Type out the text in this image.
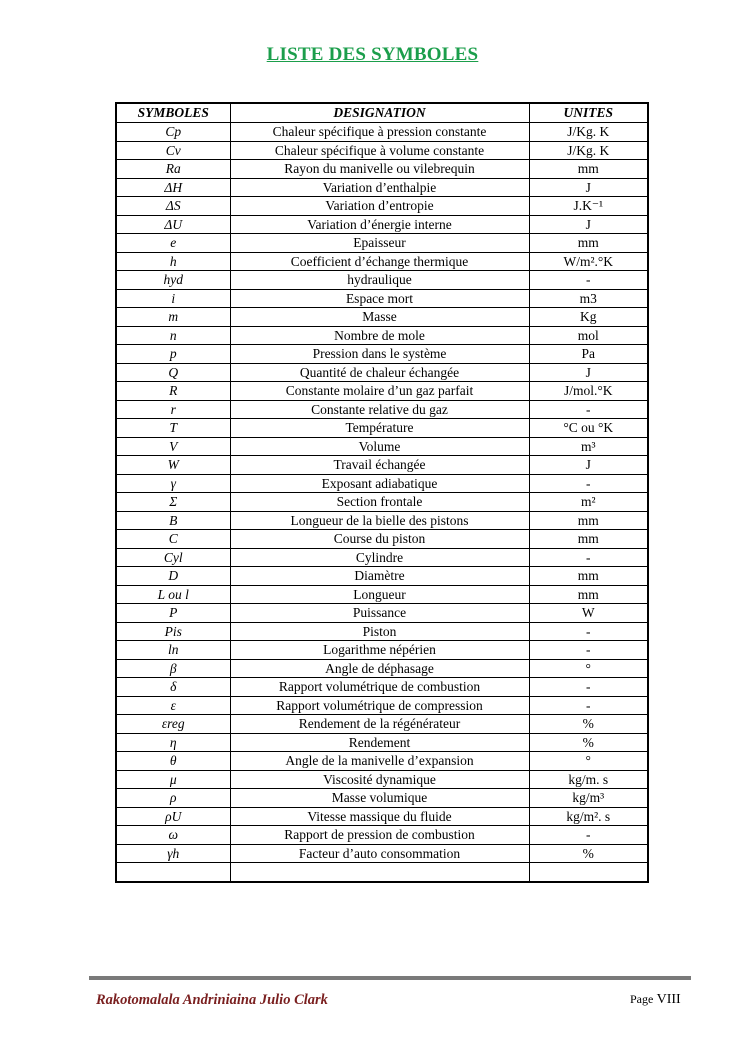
LISTE DES SYMBOLES
SYMBOLES	DESIGNATION	UNITES
Cp	Chaleur spécifique à pression constante	J/Kg. K
Cv	Chaleur spécifique à volume constante	J/Kg. K
Ra	Rayon du manivelle ou vilebrequin	mm
ΔH	Variation d’enthalpie	J
ΔS	Variation d’entropie	J.K⁻¹
ΔU	Variation d’énergie interne	J
e	Epaisseur	mm
h	Coefficient d’échange thermique	W/m².°K
hyd	hydraulique	-
i	Espace mort	m3
m	Masse	Kg
n	Nombre de mole	mol
p	Pression dans le système	Pa
Q	Quantité de chaleur échangée	J
R	Constante molaire d’un gaz parfait	J/mol.°K
r	Constante relative du gaz	-
T	Température	°C ou °K
V	Volume	m³
W	Travail échangée	J
γ	Exposant adiabatique	-
Σ	Section frontale	m²
B	Longueur de la bielle des pistons	mm
C	Course du piston	mm
Cyl	Cylindre	-
D	Diamètre	mm
L ou l	Longueur	mm
P	Puissance	W
Pis	Piston	-
ln	Logarithme népérien	-
β	Angle de déphasage	°
δ	Rapport volumétrique de combustion	-
ε	Rapport volumétrique de compression	-
εreg	Rendement de la régénérateur	%
η	Rendement	%
θ	Angle de la manivelle d’expansion	°
μ	Viscosité dynamique	kg/m. s
ρ	Masse volumique	kg/m³
ρU	Vitesse massique du fluide	kg/m². s
ω	Rapport de pression de combustion	-
γh	Facteur d’auto consommation	%

Rakotomalala Andriniaina Julio Clark	Page VIII
